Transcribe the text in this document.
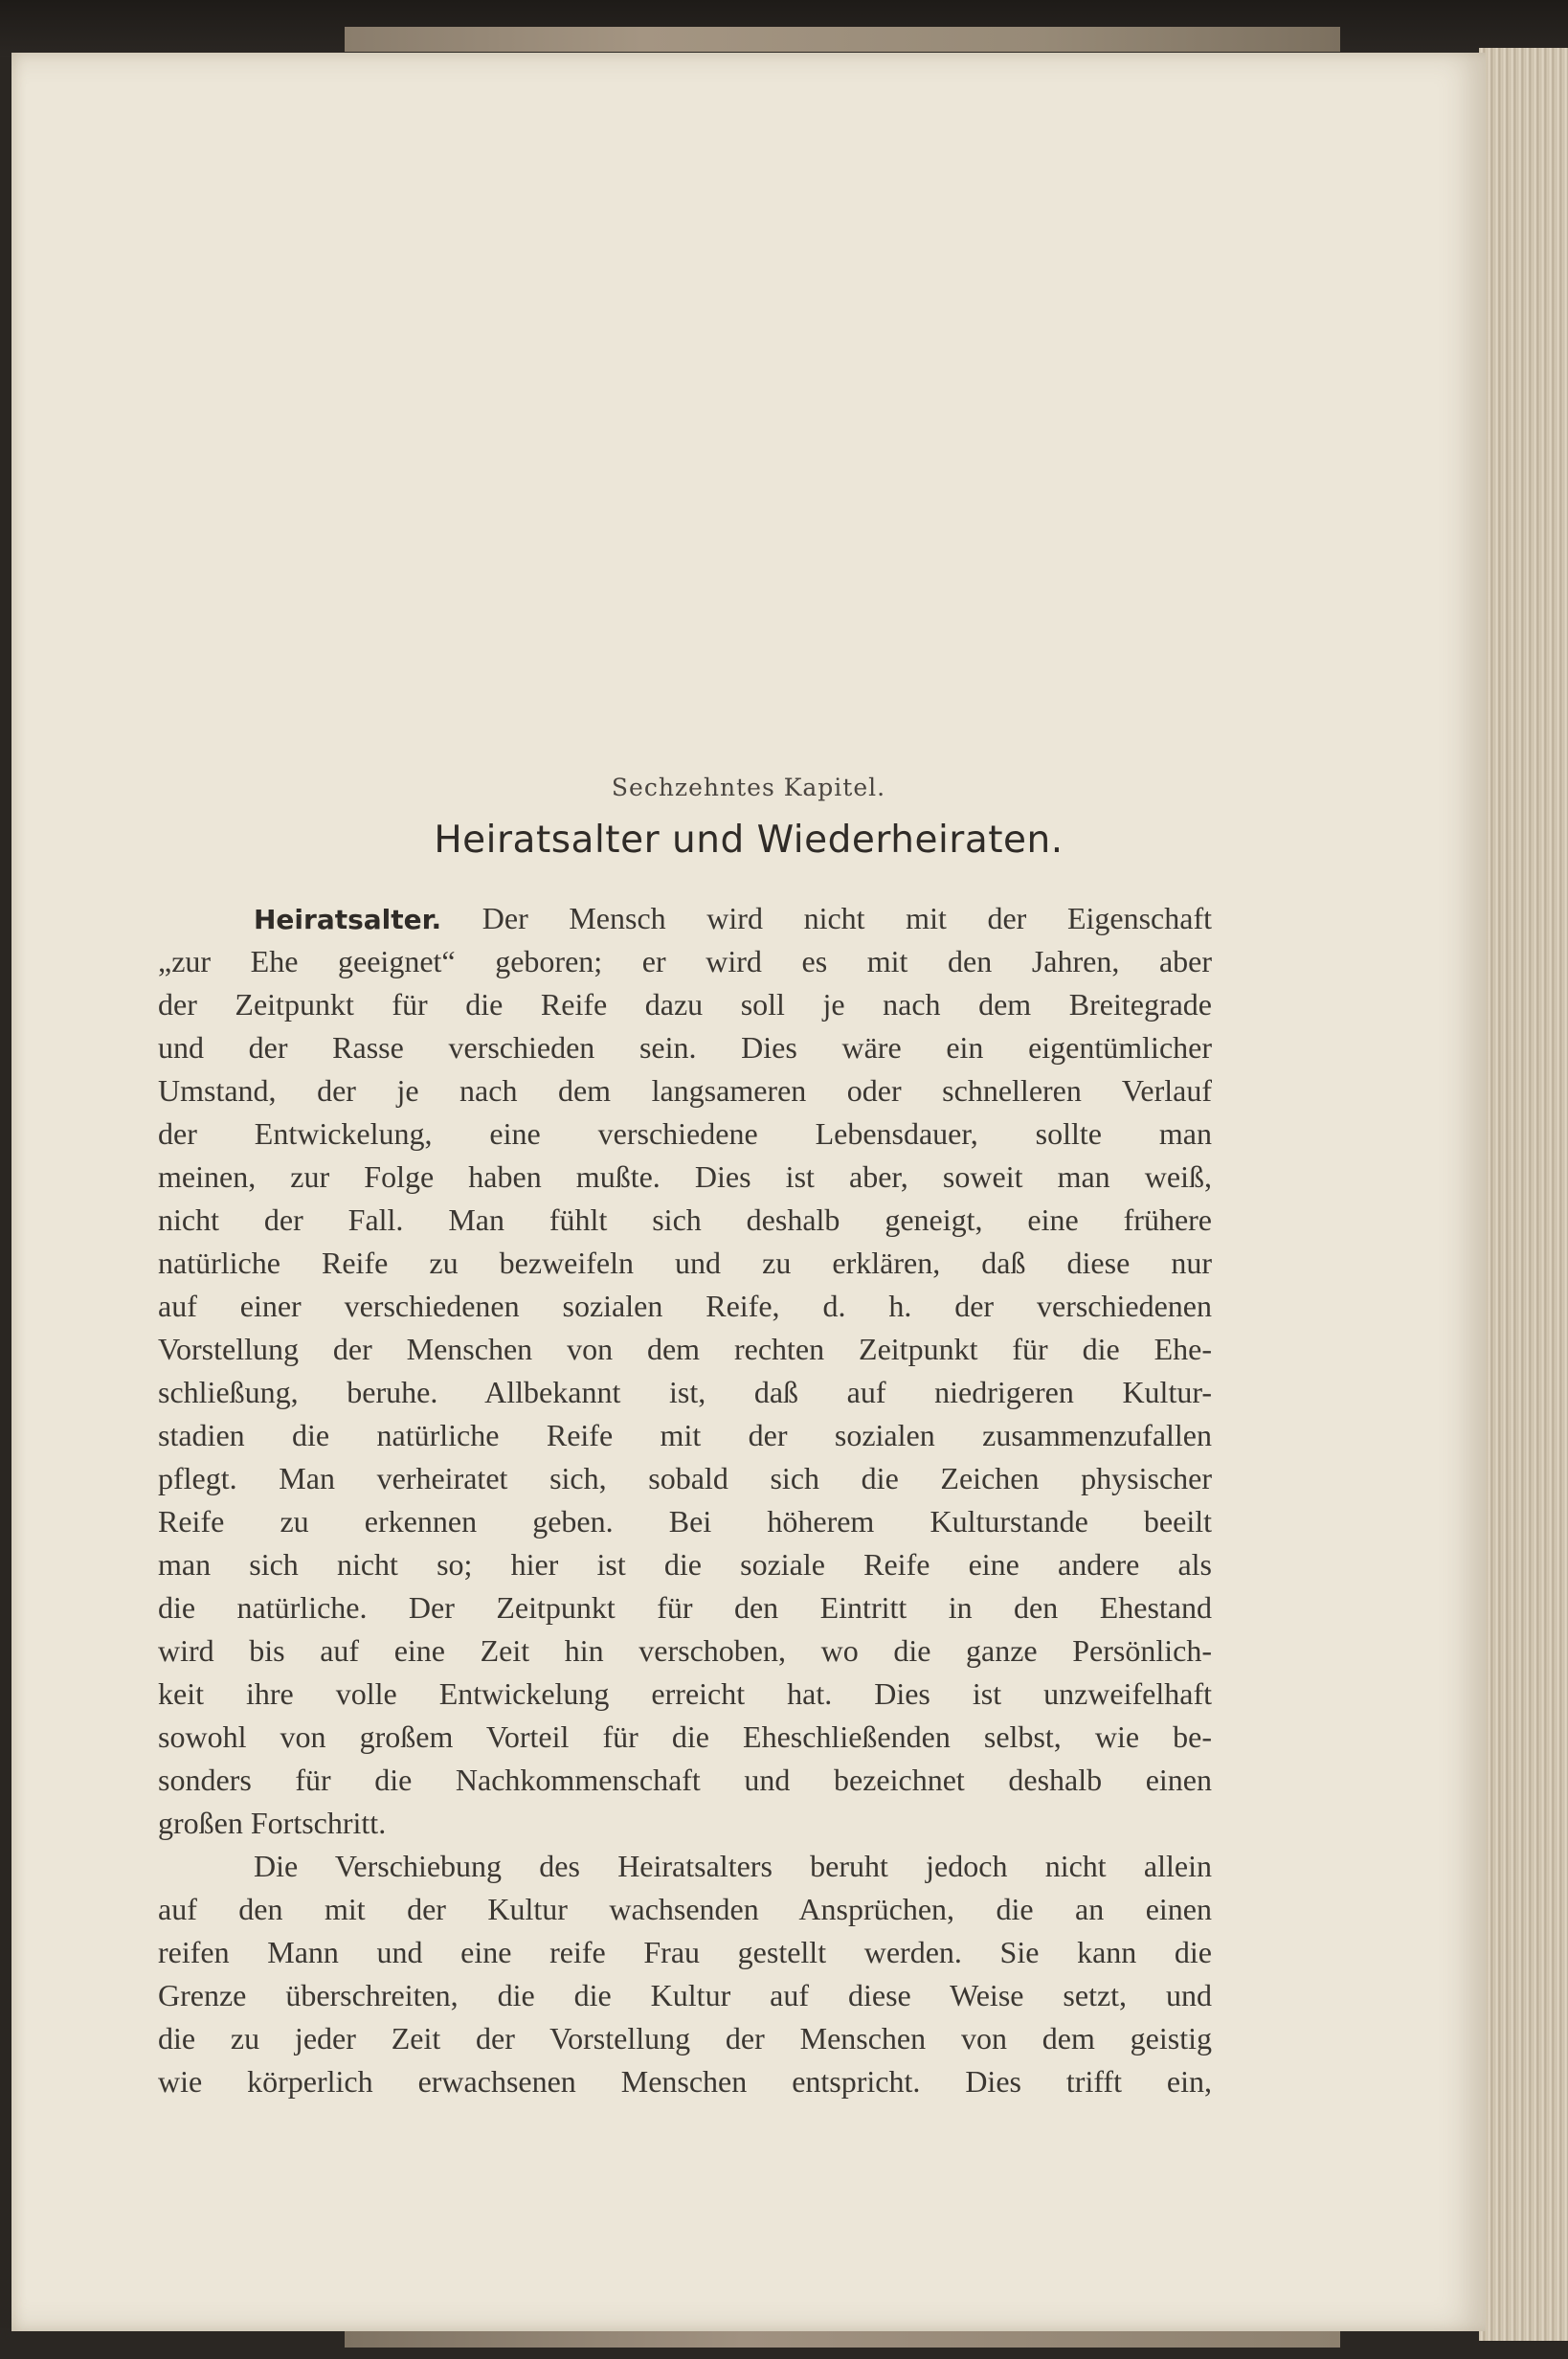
Sechzehntes Kapitel.
Heiratsalter und Wiederheiraten.
Heiratsalter. Der Mensch wird nicht mit der Eigenschaft
„zur Ehe geeignet“ geboren; er wird es mit den Jahren, aber
der Zeitpunkt für die Reife dazu soll je nach dem Breitegrade
und der Rasse verschieden sein. Dies wäre ein eigentümlicher
Umstand, der je nach dem langsameren oder schnelleren Verlauf
der Entwickelung, eine verschiedene Lebensdauer, sollte man
meinen, zur Folge haben mußte. Dies ist aber, soweit man weiß,
nicht der Fall. Man fühlt sich deshalb geneigt, eine frühere
natürliche Reife zu bezweifeln und zu erklären, daß diese nur
auf einer verschiedenen sozialen Reife, d. h. der verschiedenen
Vorstellung der Menschen von dem rechten Zeitpunkt für die Ehe-
schließung, beruhe. Allbekannt ist, daß auf niedrigeren Kultur-
stadien die natürliche Reife mit der sozialen zusammenzufallen
pflegt. Man verheiratet sich, sobald sich die Zeichen physischer
Reife zu erkennen geben. Bei höherem Kulturstande beeilt
man sich nicht so; hier ist die soziale Reife eine andere als
die natürliche. Der Zeitpunkt für den Eintritt in den Ehestand
wird bis auf eine Zeit hin verschoben, wo die ganze Persönlich-
keit ihre volle Entwickelung erreicht hat. Dies ist unzweifelhaft
sowohl von großem Vorteil für die Eheschließenden selbst, wie be-
sonders für die Nachkommenschaft und bezeichnet deshalb einen
großen Fortschritt.
Die Verschiebung des Heiratsalters beruht jedoch nicht allein
auf den mit der Kultur wachsenden Ansprüchen, die an einen
reifen Mann und eine reife Frau gestellt werden. Sie kann die
Grenze überschreiten, die die Kultur auf diese Weise setzt, und
die zu jeder Zeit der Vorstellung der Menschen von dem geistig
wie körperlich erwachsenen Menschen entspricht. Dies trifft ein,
